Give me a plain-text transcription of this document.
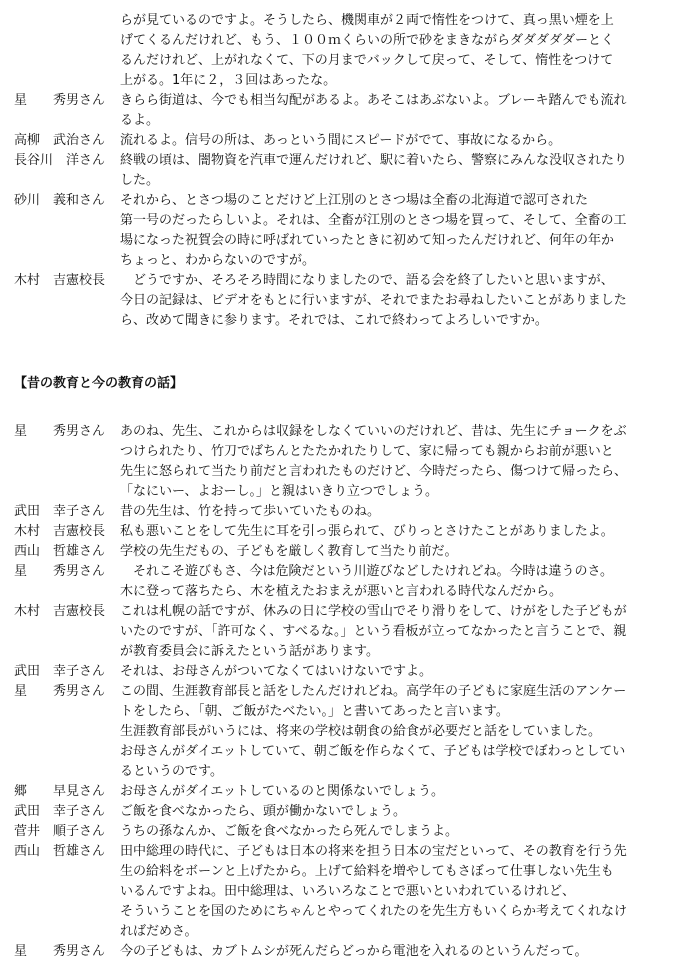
らが見ているのですよ。そうしたら、機関車が２両で惰性をつけて、真っ黒い煙を上
げてくるんだけれど、もう、１００ｍくらいの所で砂をまきながらダダダダダーとく
るんだけれど、上がれなくて、下の月までバックして戻って、そして、惰性をつけて
上がる。1年に２，３回はあったな。
星　　秀男さん	きらら街道は、今でも相当勾配があるよ。あそこはあぶないよ。ブレーキ踏んでも流れ
るよ。
高柳　武治さん	流れるよ。信号の所は、あっという間にスピードがでて、事故になるから。
長谷川　洋さん	終戦の頃は、闇物資を汽車で運んだけれど、駅に着いたら、警察にみんな没収されたり
した。
砂川　義和さん	それから、とさつ場のことだけど上江別のとさつ場は全畜の北海道で認可された
第一号のだったらしいよ。それは、全畜が江別のとさつ場を買って、そして、全畜の工
場になった祝賀会の時に呼ばれていったときに初めて知ったんだけれど、何年の年か
ちょっと、わからないのですが。
木村　吉憲校長	　どうですか、そろそろ時間になりましたので、語る会を終了したいと思いますが、
今日の記録は、ビデオをもとに行いますが、それでまたお尋ねしたいことがありました
ら、改めて聞きに参ります。それでは、これで終わってよろしいですか。
【昔の教育と今の教育の話】
星　　秀男さん	あのね、先生、これからは収録をしなくていいのだけれど、昔は、先生にチョークをぶ
つけられたり、竹刀でばちんとたたかれたりして、家に帰っても親からお前が悪いと
先生に怒られて当たり前だと言われたものだけど、今時だったら、傷つけて帰ったら、
「なにいー、よおーし。」と親はいきり立つでしょう。
武田　幸子さん	昔の先生は、竹を持って歩いていたものね。
木村　吉憲校長	私も悪いことをして先生に耳を引っ張られて、びりっとさけたことがありましたよ。
西山　哲雄さん	学校の先生だもの、子どもを厳しく教育して当たり前だ。
星　　秀男さん	　それこそ遊びもさ、今は危険だという川遊びなどしたけれどね。今時は違うのさ。
木に登って落ちたら、木を植えたおまえが悪いと言われる時代なんだから。
木村　吉憲校長	これは札幌の話ですが、休みの日に学校の雪山でそり滑りをして、けがをした子どもが
いたのですが、「許可なく、すべるな。」という看板が立ってなかったと言うことで、親
が教育委員会に訴えたという話があります。
武田　幸子さん	それは、お母さんがついてなくてはいけないですよ。
星　　秀男さん	この間、生涯教育部長と話をしたんだけれどね。高学年の子どもに家庭生活のアンケー
トをしたら、「朝、ご飯がたべたい。」と書いてあったと言います。
生涯教育部長がいうには、将来の学校は朝食の給食が必要だと話をしていました。
お母さんがダイエットしていて、朝ご飯を作らなくて、子どもは学校でぼわっとしてい
るというのです。
郷　　早見さん	お母さんがダイエットしているのと関係ないでしょう。
武田　幸子さん	ご飯を食べなかったら、頭が働かないでしょう。
菅井　順子さん	うちの孫なんか、ご飯を食べなかったら死んでしまうよ。
西山　哲雄さん	田中総理の時代に、子どもは日本の将来を担う日本の宝だといって、その教育を行う先
生の給料をボーンと上げたから。上げて給料を増やしてもさぼって仕事しない先生も
いるんですよね。田中総理は、いろいろなことで悪いといわれているけれど、
そういうことを国のためにちゃんとやってくれたのを先生方もいくらか考えてくれなけ
ればだめさ。
星　　秀男さん	今の子どもは、カブトムシが死んだらどっから電池を入れるのというんだって。
